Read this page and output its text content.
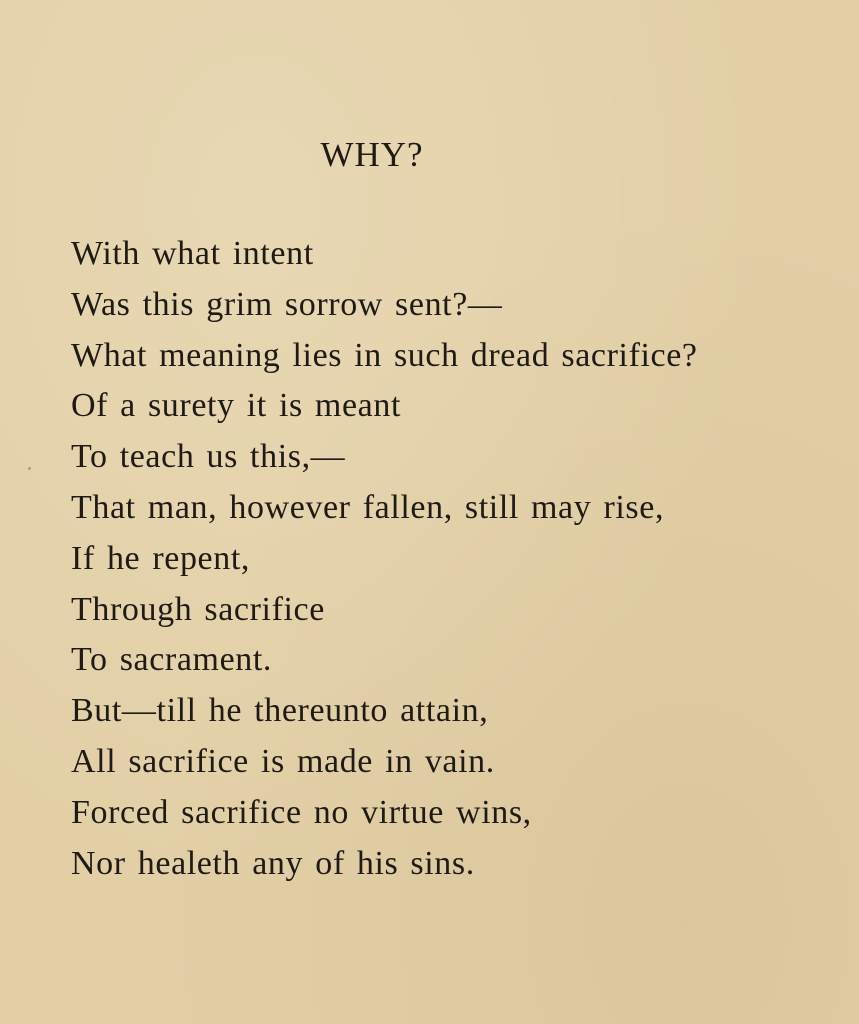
WHY?
With what intent
Was this grim sorrow sent?—
What meaning lies in such dread sacrifice?
Of a surety it is meant
To teach us this,—
That man, however fallen, still may rise,
If he repent,
Through sacrifice
To sacrament.
But—till he thereunto attain,
All sacrifice is made in vain.
Forced sacrifice no virtue wins,
Nor healeth any of his sins.
